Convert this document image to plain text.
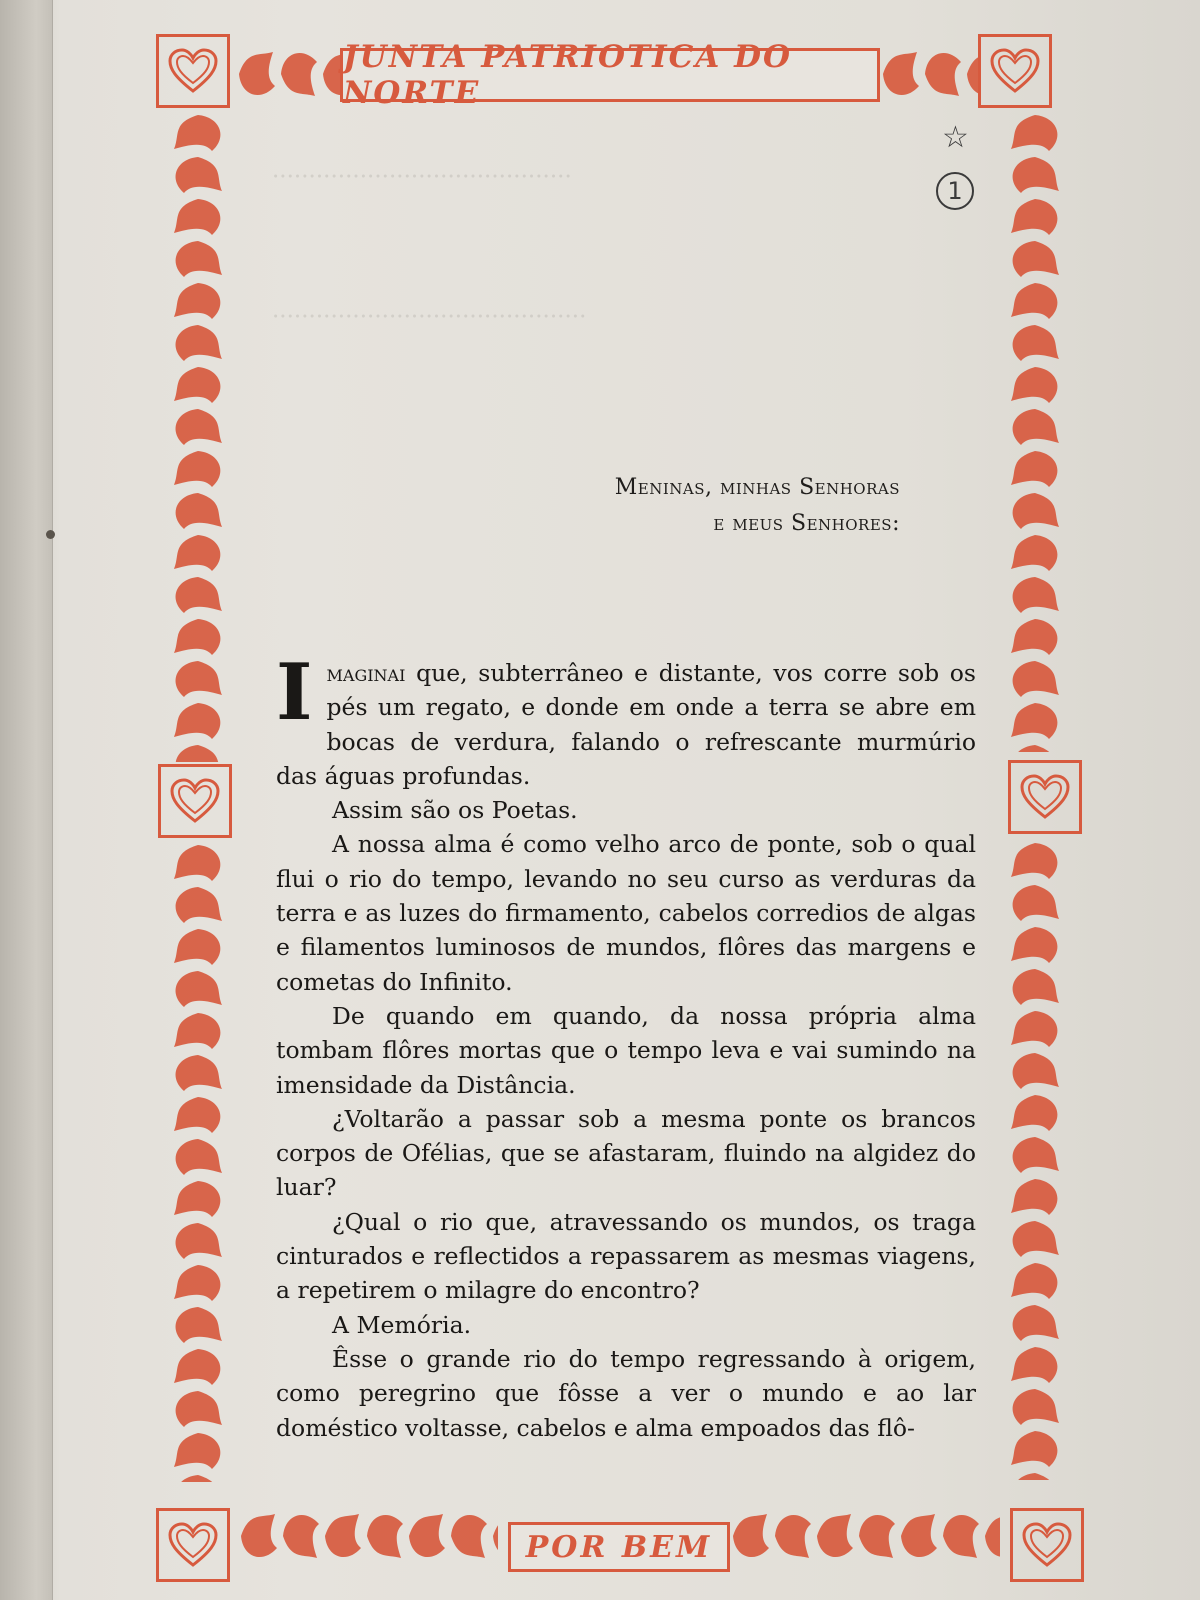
·········································
···········································
JUNTA PATRIOTICA DO NORTE
POR BEM
☆
1
Meninas, minhas Senhoras
e meus Senhores:

Imaginai que, subterrâneo e distante, vos corre sob os pés um regato, e donde em onde a terra se abre em bocas de verdura, falando o refrescante murmúrio das águas profundas.

Assim são os Poetas.

A nossa alma é como velho arco de ponte, sob o qual flui o rio do tempo, levando no seu curso as verduras da terra e as luzes do firmamento, cabelos corredios de algas e filamentos luminosos de mundos, flôres das margens e cometas do Infinito.

De quando em quando, da nossa própria alma tombam flôres mortas que o tempo leva e vai sumindo na imensidade da Distância.

¿Voltarão a passar sob a mesma ponte os brancos corpos de Ofélias, que se afastaram, fluindo na algidez do luar?

¿Qual o rio que, atravessando os mundos, os traga cinturados e reflectidos a repassarem as mesmas viagens, a repetirem o milagre do encontro?

A Memória.

Êsse o grande rio do tempo regressando à origem, como peregrino que fôsse a ver o mundo e ao lar doméstico voltasse, cabelos e alma empoados das flô-
